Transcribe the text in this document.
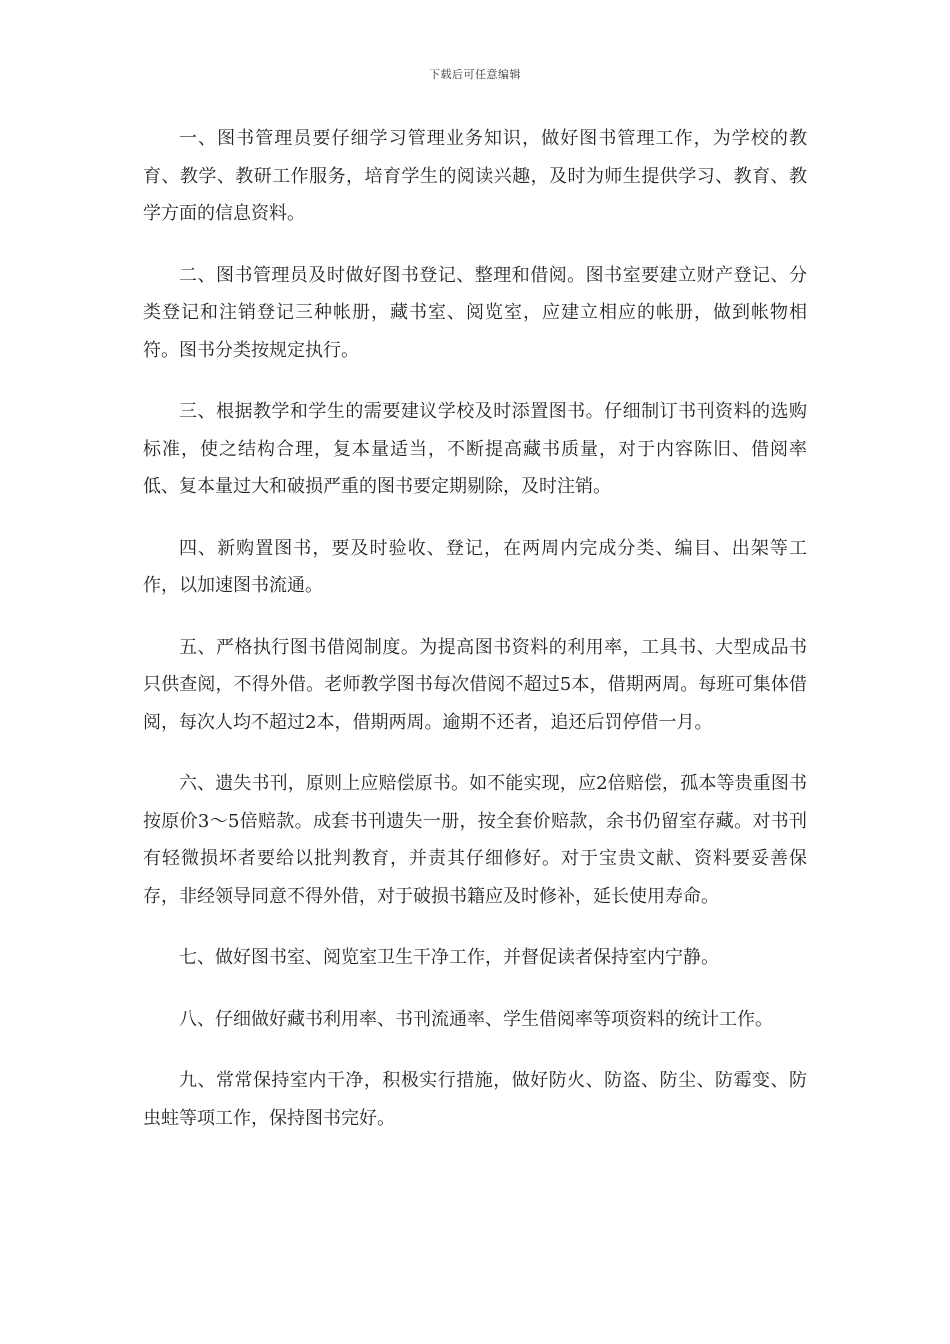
下载后可任意编辑

一、图书管理员要仔细学习管理业务知识，做好图书管理工作，为学校的教育、教学、教研工作服务，培育学生的阅读兴趣，及时为师生提供学习、教育、教学方面的信息资料。

二、图书管理员及时做好图书登记、整理和借阅。图书室要建立财产登记、分类登记和注销登记三种帐册，藏书室、阅览室，应建立相应的帐册，做到帐物相符。图书分类按规定执行。

三、根据教学和学生的需要建议学校及时添置图书。仔细制订书刊资料的选购标准，使之结构合理，复本量适当，不断提高藏书质量，对于内容陈旧、借阅率低、复本量过大和破损严重的图书要定期剔除，及时注销。

四、新购置图书，要及时验收、登记，在两周内完成分类、编目、出架等工作，以加速图书流通。

五、严格执行图书借阅制度。为提高图书资料的利用率，工具书、大型成品书只供查阅，不得外借。老师教学图书每次借阅不超过5本，借期两周。每班可集体借阅，每次人均不超过2本，借期两周。逾期不还者，追还后罚停借一月。

六、遗失书刊，原则上应赔偿原书。如不能实现，应2倍赔偿，孤本等贵重图书按原价3～5倍赔款。成套书刊遗失一册，按全套价赔款，余书仍留室存藏。对书刊有轻微损坏者要给以批判教育，并责其仔细修好。对于宝贵文献、资料要妥善保存，非经领导同意不得外借，对于破损书籍应及时修补，延长使用寿命。

七、做好图书室、阅览室卫生干净工作，并督促读者保持室内宁静。

八、仔细做好藏书利用率、书刊流通率、学生借阅率等项资料的统计工作。

九、常常保持室内干净，积极实行措施，做好防火、防盗、防尘、防霉变、防虫蛀等项工作，保持图书完好。
